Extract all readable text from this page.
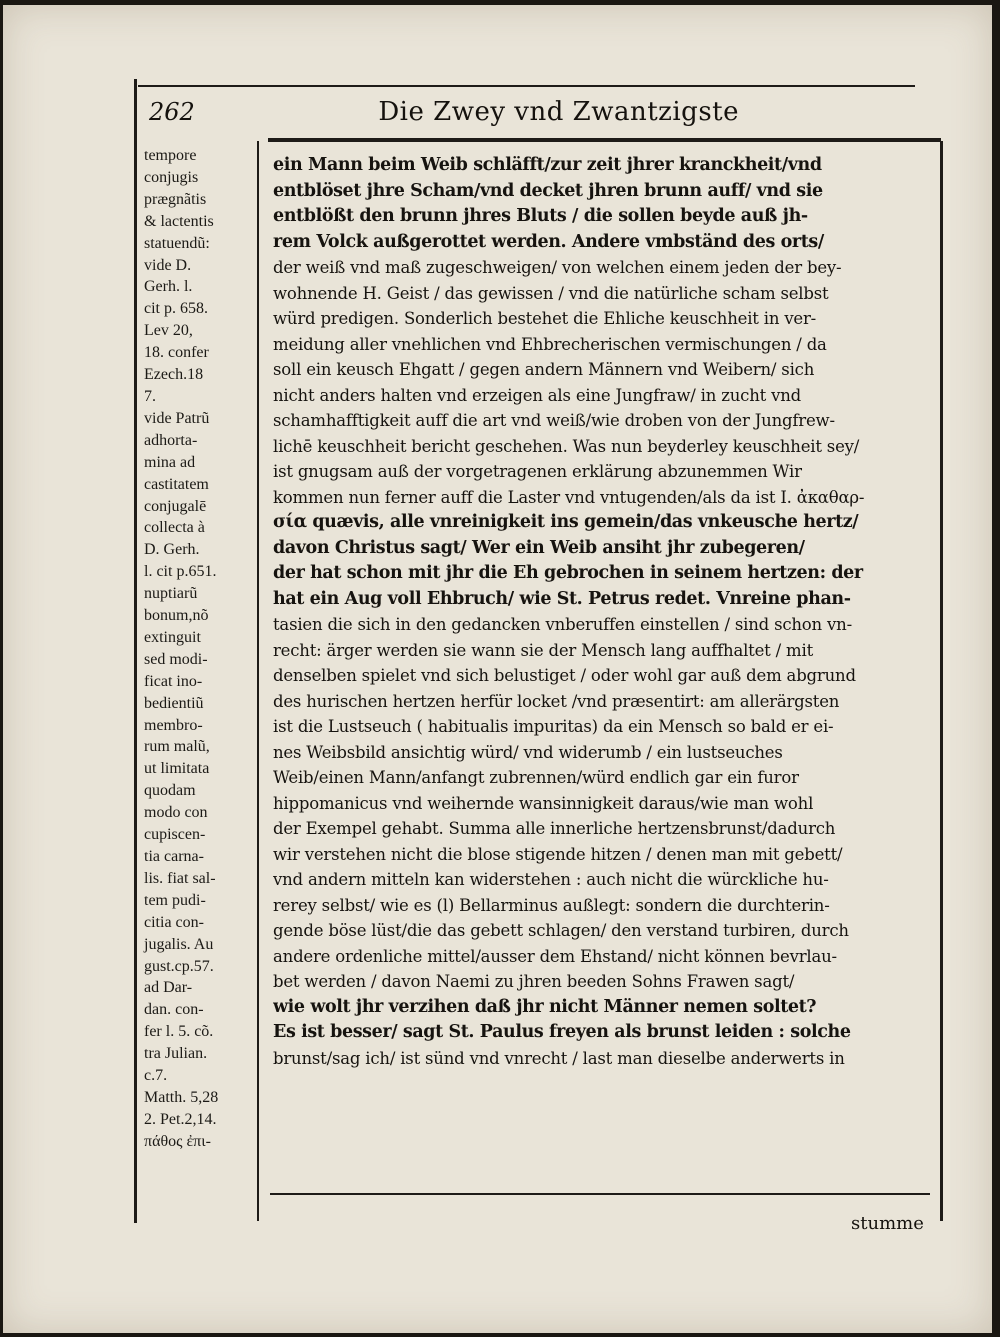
262	Die Zwey vnd Zwantzigste
tempore
conjugis
prægnãtis
& lactentis
statuendũ:
vide D.
Gerh. l.
cit p. 658.
Lev 20,
18. confer
Ezech.18
7.
vide Patrũ
adhorta-
mina ad
castitatem
conjugalē
collecta à
D. Gerh.
l. cit p.651.
nuptiarũ
bonum,nõ
extinguit
sed modi-
ficat ino-
bedientiũ
membro-
rum malũ,
ut limitata
quodam
modo con
cupiscen-
tia carna-
lis. fiat sal-
tem pudi-
citia con-
jugalis. Au
gust.cp.57.
ad Dar-
dan. con-
fer l. 5. cõ.
tra Julian.
c.7.
Matth. 5,28
2. Pet.2,14.
πάθος ἐπι-
ein Mann beim Weib schläfft/zur zeit jhrer kranckheit/vnd
entblöset jhre Scham/vnd decket jhren brunn auff/ vnd sie
entblößt den brunn jhres Bluts / die sollen beyde auß jh-
rem Volck außgerottet werden. Andere vmbständ des orts/
der weiß vnd maß zugeschweigen/ von welchen einem jeden der bey-
wohnende H. Geist / das gewissen / vnd die natürliche scham selbst
würd predigen. Sonderlich bestehet die Ehliche keuschheit in ver-
meidung aller vnehlichen vnd Ehbrecherischen vermischungen / da
soll ein keusch Ehgatt / gegen andern Männern vnd Weibern/ sich
nicht anders halten vnd erzeigen als eine Jungfraw/ in zucht vnd
schamhafftigkeit auff die art vnd weiß/wie droben von der Jungfrew-
lichē keuschheit bericht geschehen. Was nun beyderley keuschheit sey/
ist gnugsam auß der vorgetragenen erklärung abzunemmen Wir
kommen nun ferner auff die Laster vnd vntugenden/als da ist I. ἀκαθαρ-
σία quævis, alle vnreinigkeit ins gemein/das vnkeusche hertz/
davon Christus sagt/ Wer ein Weib ansiht jhr zubegeren/
der hat schon mit jhr die Eh gebrochen in seinem hertzen: der
hat ein Aug voll Ehbruch/ wie St. Petrus redet. Vnreine phan-
tasien die sich in den gedancken vnberuffen einstellen / sind schon vn-
recht: ärger werden sie wann sie der Mensch lang auffhaltet / mit
denselben spielet vnd sich belustiget / oder wohl gar auß dem abgrund
des hurischen hertzen herfür locket /vnd præsentirt: am allerärgsten
ist die Lustseuch ( habitualis impuritas) da ein Mensch so bald er ei-
nes Weibsbild ansichtig würd/ vnd widerumb / ein lustseuches
Weib/einen Mann/anfangt zubrennen/würd endlich gar ein furor
hippomanicus vnd weihernde wansinnigkeit daraus/wie man wohl
der Exempel gehabt. Summa alle innerliche hertzensbrunst/dadurch
wir verstehen nicht die blose stigende hitzen / denen man mit gebett/
vnd andern mitteln kan widerstehen : auch nicht die würckliche hu-
rerey selbst/ wie es (l) Bellarminus außlegt: sondern die durchterin-
gende böse lüst/die das gebett schlagen/ den verstand turbiren, durch
andere ordenliche mittel/ausser dem Ehstand/ nicht können bevrlau-
bet werden / davon Naemi zu jhren beeden Sohns Frawen sagt/
wie wolt jhr verzihen daß jhr nicht Männer nemen soltet?
Es ist besser/ sagt St. Paulus freyen als brunst leiden : solche
brunst/sag ich/ ist sünd vnd vnrecht / last man dieselbe anderwerts in
stumme
